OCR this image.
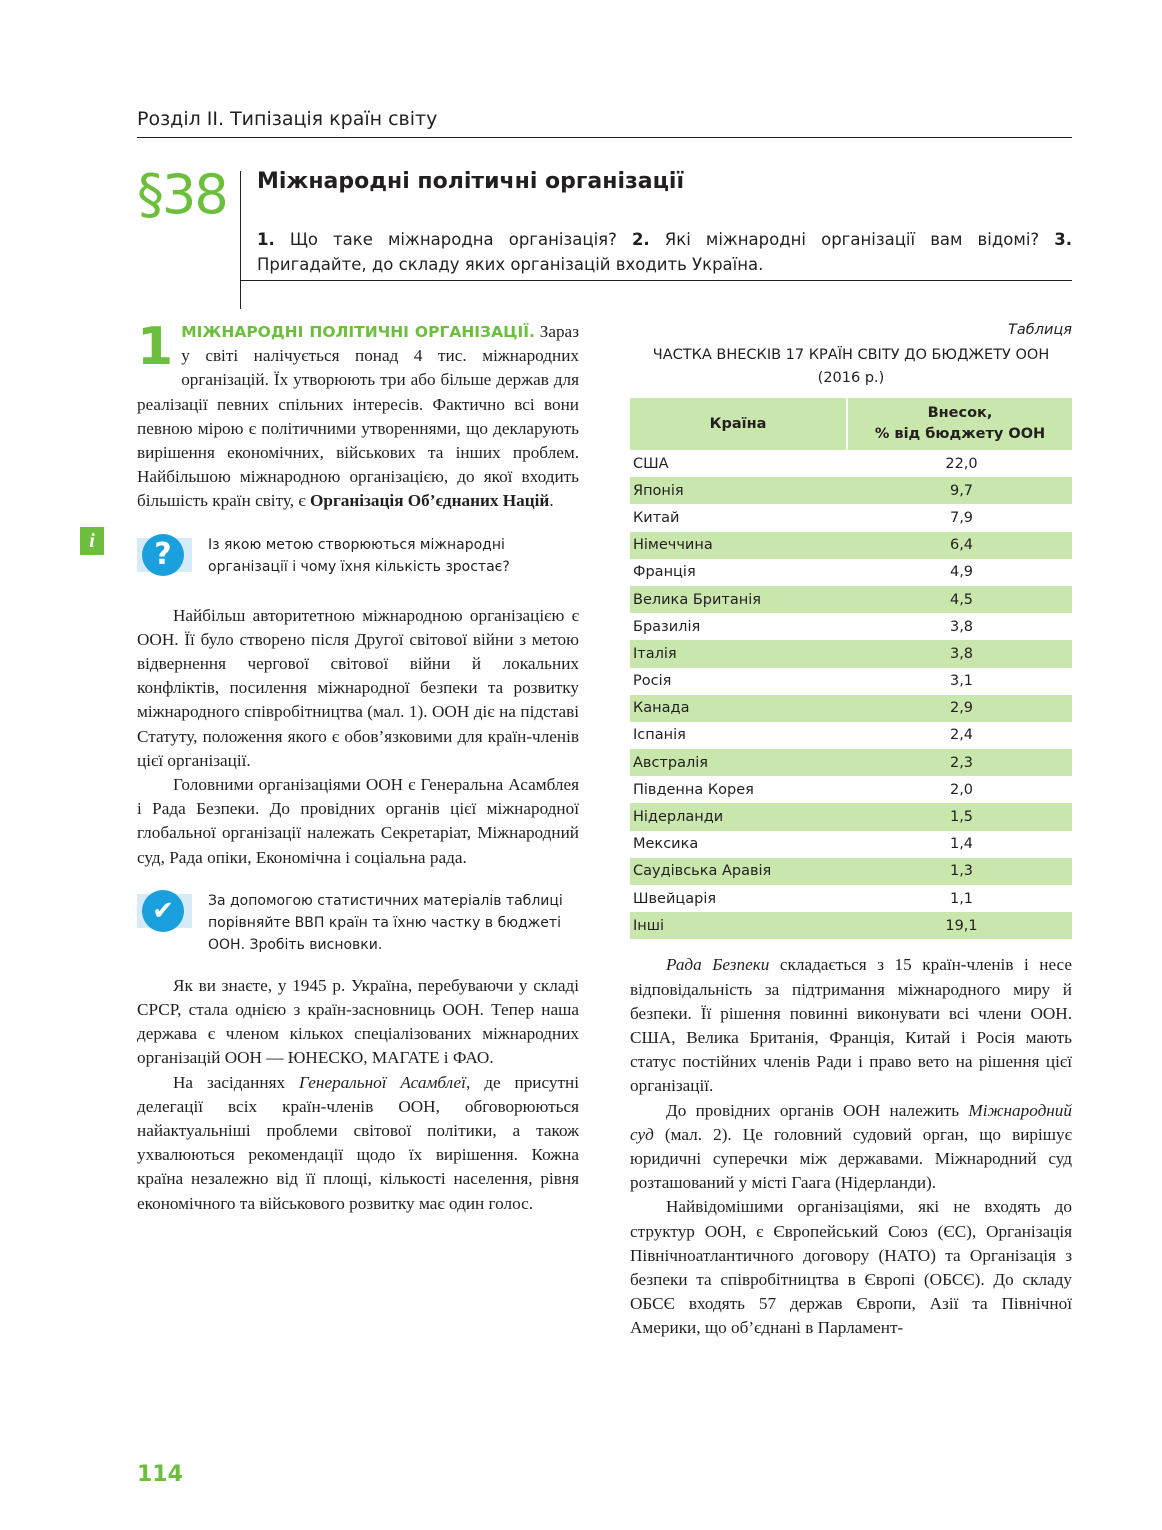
Розділ ІІ. Типізація країн світу
§38 Міжнародні політичні організації
1. Що таке міжнародна організація? 2. Які міжнародні організації вам відомі? 3. Пригадайте, до складу яких організацій входить Україна.
i
1 МІЖНАРОДНІ ПОЛІТИЧНІ ОРГАНІЗАЦІЇ. Зараз у світі налічується понад 4 тис. міжнародних організацій. Їх утворюють три або більше держав для реалізації певних спільних інтересів. Фактично всі вони певною мірою є політичними утвореннями, що декларують вирішення економічних, військових та інших проблем. Найбільшою міжнародною організацією, до якої входить більшість країн світу, є Організація Об’єднаних Націй.

?	Із якою метою створюються міжнародні організації і чому їхня кількість зростає?

Найбільш авторитетною міжнародною організацією є ООН. Її було створено після Другої світової війни з метою відвернення чергової світової війни й локальних конфліктів, посилення міжнародної безпеки та розвитку міжнародного співробітництва (мал. 1). ООН діє на підставі Статуту, положення якого є обов’язковими для країн-членів цієї організації.

Головними організаціями ООН є Генеральна Асамблея і Рада Безпеки. До провідних органів цієї міжнародної глобальної організації належать Секретаріат, Міжнародний суд, Рада опіки, Економічна і соціальна рада.

✔	За допомогою статистичних матеріалів таблиці порівняйте ВВП країн та їхню частку в бюджеті ООН. Зробіть висновки.

Як ви знаєте, у 1945 р. Україна, перебуваючи у складі СРСР, стала однією з країн-засновниць ООН. Тепер наша держава є членом кількох спеціалізованих міжнародних організацій ООН — ЮНЕСКО, МАГАТЕ і ФАО.

На засіданнях Генеральної Асамблеї, де присутні делегації всіх країн-членів ООН, обговорюються найактуальніші проблеми світової політики, а також ухвалюються рекомендації щодо їх вирішення. Кожна країна незалежно від її площі, кількості населення, рівня економічного та військового розвитку має один голос.

Таблиця
ЧАСТКА ВНЕСКІВ 17 КРАЇН СВІТУ ДО БЮДЖЕТУ ООН
(2016 р.)
Країна	Внесок,
% від бюджету ООН

США	22,0
Японія	9,7
Китай	7,9
Німеччина	6,4
Франція	4,9
Велика Британія	4,5
Бразилія	3,8
Італія	3,8
Росія	3,1
Канада	2,9
Іспанія	2,4
Австралія	2,3
Південна Корея	2,0
Нідерланди	1,5
Мексика	1,4
Саудівська Аравія	1,3
Швейцарія	1,1
Інші	19,1

Рада Безпеки складається з 15 країн-членів і несе відповідальність за підтримання міжнародного миру й безпеки. Її рішення повинні виконувати всі члени ООН. США, Велика Британія, Франція, Китай і Росія мають статус постійних членів Ради і право вето на рішення цієї організації.

До провідних органів ООН належить Міжнародний суд (мал. 2). Це головний судовий орган, що вирішує юридичні суперечки між державами. Міжнародний суд розташований у місті Гаага (Нідерланди).

Найвідомішими організаціями, які не входять до структур ООН, є Європейський Союз (ЄС), Організація Північноатлантичного договору (НАТО) та Організація з безпеки та співробітництва в Європі (ОБСЄ). До складу ОБСЄ входять 57 держав Європи, Азії та Північної Америки, що об’єднані в Парламент-

114
